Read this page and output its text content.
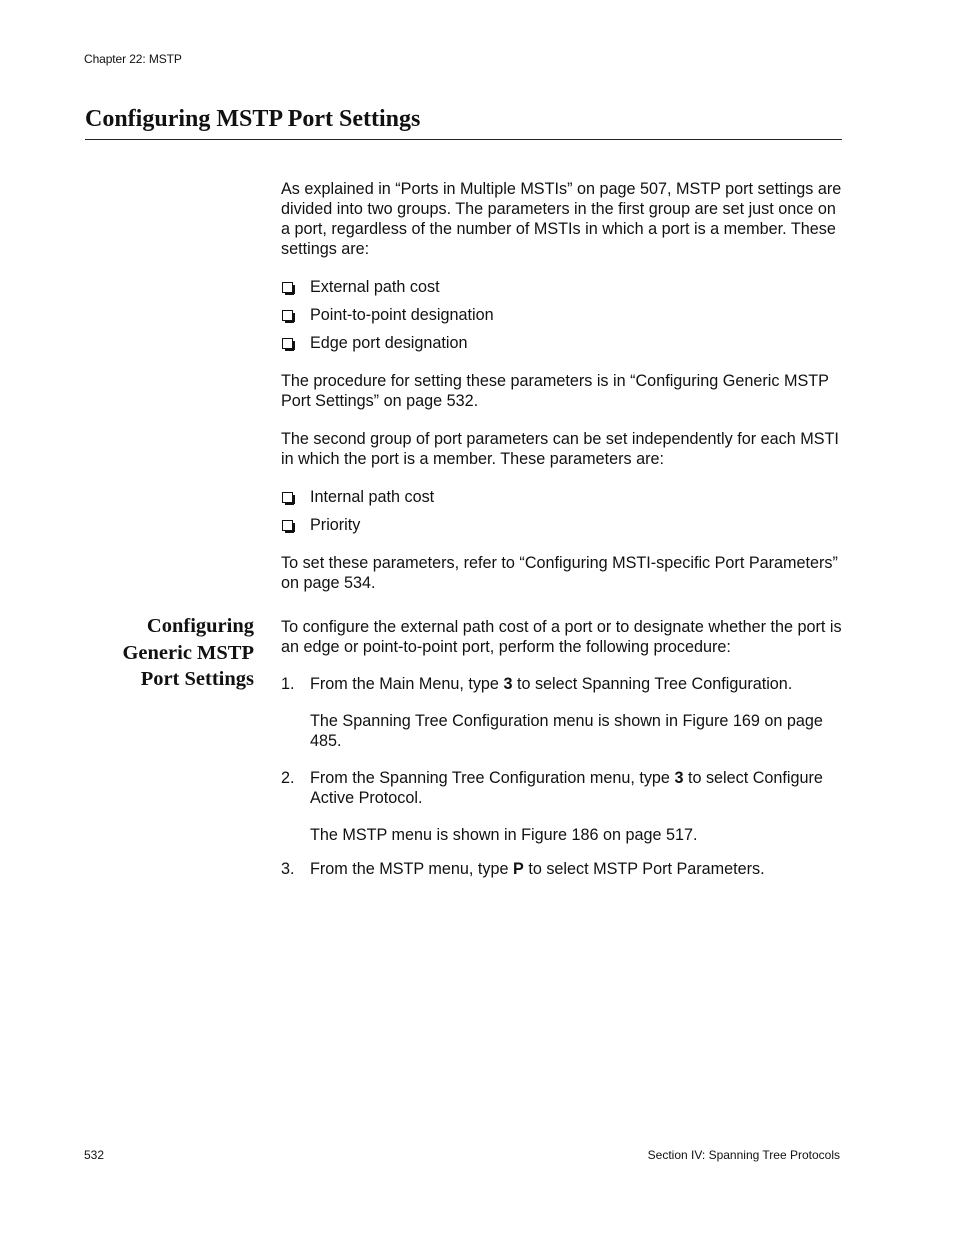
Chapter 22: MSTP
Configuring MSTP Port Settings

As explained in “Ports in Multiple MSTIs” on page 507, MSTP port settings are divided into two groups. The parameters in the first group are set just once on a port, regardless of the number of MSTIs in which a port is a member. These settings are:

External path cost
Point-to-point designation
Edge port designation

The procedure for setting these parameters is in “Configuring Generic MSTP Port Settings” on page 532.

The second group of port parameters can be set independently for each MSTI in which the port is a member. These parameters are:

Internal path cost
Priority

To set these parameters, refer to “Configuring MSTI-specific Port Parameters” on page 534.

Configuring Generic MSTP Port Settings

To configure the external path cost of a port or to designate whether the port is an edge or point-to-point port, perform the following procedure:

1. From the Main Menu, type 3 to select Spanning Tree Configuration.

The Spanning Tree Configuration menu is shown in Figure 169 on page 485.

2. From the Spanning Tree Configuration menu, type 3 to select Configure Active Protocol.

The MSTP menu is shown in Figure 186 on page 517.

3. From the MSTP menu, type P to select MSTP Port Parameters.
532	Section IV: Spanning Tree Protocols
